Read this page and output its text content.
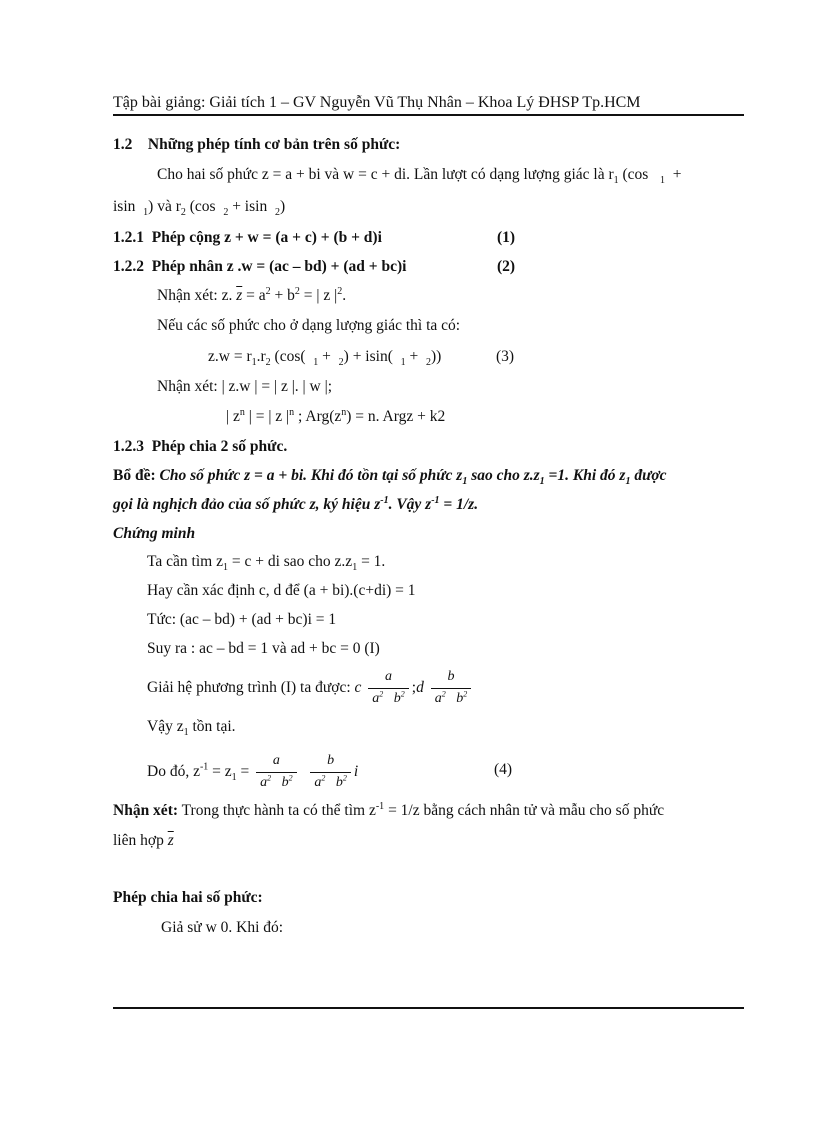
Tập bài giảng: Giải tích 1 – GV Nguyễn Vũ Thụ Nhân – Khoa Lý ĐHSP Tp.HCM
1.2 Những phép tính cơ bản trên số phức:
Cho hai số phức z = a + bi và w = c + di. Lần lượt có dạng lượng giác là $r_1$ (cos   $_1$  +
isin  $_1$) và $r_2$ (cos  $_2$ + isin  $_2$)
1.2.1 Phép cộng z + w = (a + c) + (b + d)i	(1)
1.2.2 Phép nhân z .w = (ac – bd) + (ad + bc)i	(2)
Nhận xét: z. $\overline{z} = a^2 + b^2$ = | z $|^2$.
Nếu các số phức cho ở dạng lượng giác thì ta có:
$z.w = r_1.r_2$ (cos(  $_1$ +  $_2$) + isin(  $_1$ +  $_2$))	(3)
Nhận xét: | z.w | = | z |. | w |;
| $z^n$ | = | z $|^n$ ; $Arg(z^n) = n$. Argz + k2
1.2.3 Phép chia 2 số phức.
Bổ đề: Cho số phức z = a + bi. Khi đó tồn tại số phức $z_1$ sao cho $z.z_1 =1$. Khi đó $z_1$ được
gọi là nghịch đảo của số phức z, ký hiệu $z^{-1}$. Vậy $z^{-1} = 1/z$.
Chứng minh
Ta cần tìm $z_1 = c$ + di sao cho $z.z_1 = 1$.
Hay cần xác định c, d để (a + bi).(c+di) = 1
Tức: (ac – bd) + (ad + bc)i = 1
Suy ra : ac – bd = 1 và ad + bc = 0 (I)
Giải hệ phương trình (I) ta được: c $\frac{a}{a^2 b^2}$ ;d $\frac{b}{a^2 b^2}$
Vậy $z_1$ tồn tại.
Do đó, $z^{-1} = z_1 = \frac{a}{a^2 b^2}$
$\frac{b}{a^2 b^2}$ i	(4)
Nhận xét: Trong thực hành ta có thể tìm $z^{-1} = 1/z$ bằng cách nhân tử và mẫu cho số phức
liên hợp $\overline{z}$
Phép chia hai số phức:
Giả sử w 0. Khi đó:
